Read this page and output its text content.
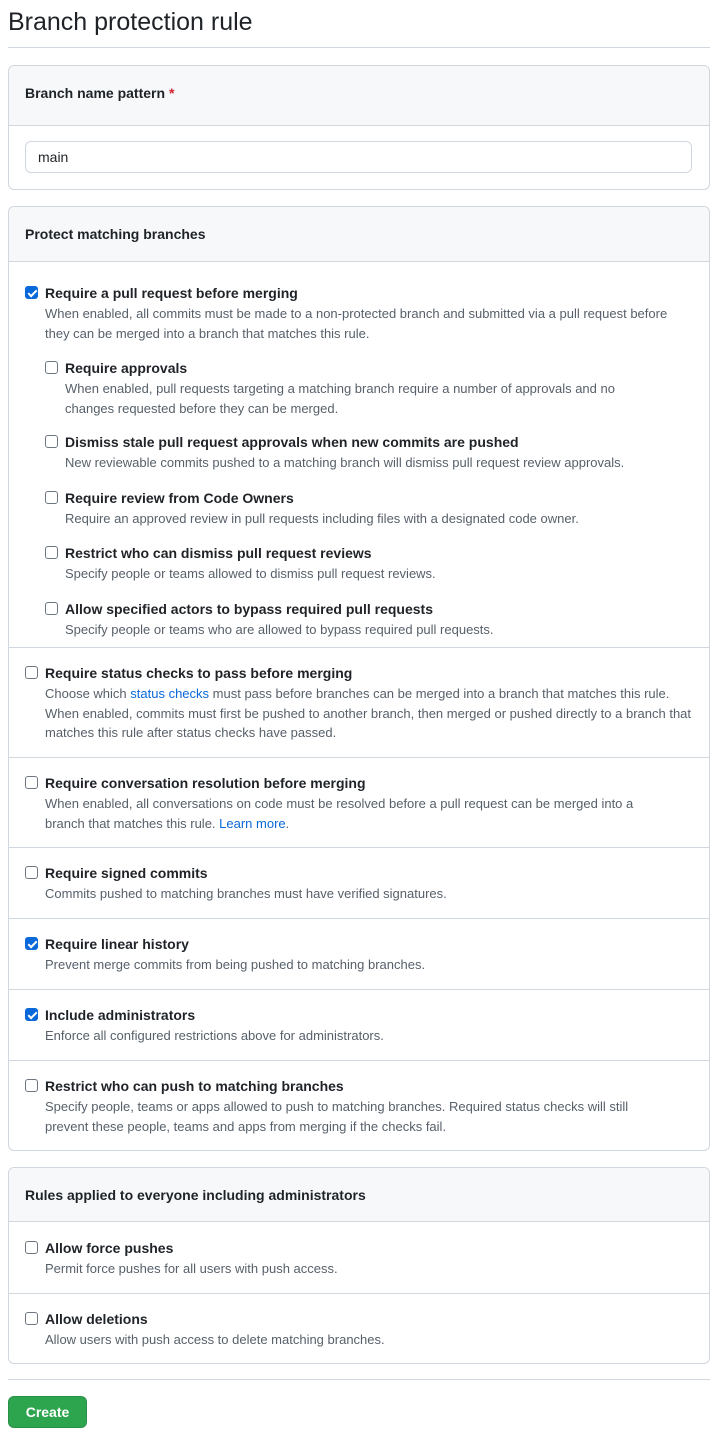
Branch protection rule
Branch name pattern *
main
Protect matching branches
Require a pull request before merging
When enabled, all commits must be made to a non-protected branch and submitted via a pull request before they can be merged into a branch that matches this rule.
Require approvals
When enabled, pull requests targeting a matching branch require a number of approvals and no changes requested before they can be merged.
Dismiss stale pull request approvals when new commits are pushed
New reviewable commits pushed to a matching branch will dismiss pull request review approvals.
Require review from Code Owners
Require an approved review in pull requests including files with a designated code owner.
Restrict who can dismiss pull request reviews
Specify people or teams allowed to dismiss pull request reviews.
Allow specified actors to bypass required pull requests
Specify people or teams who are allowed to bypass required pull requests.
Require status checks to pass before merging
Choose which status checks must pass before branches can be merged into a branch that matches this rule. When enabled, commits must first be pushed to another branch, then merged or pushed directly to a branch that matches this rule after status checks have passed.
Require conversation resolution before merging
When enabled, all conversations on code must be resolved before a pull request can be merged into a branch that matches this rule. Learn more.
Require signed commits
Commits pushed to matching branches must have verified signatures.
Require linear history
Prevent merge commits from being pushed to matching branches.
Include administrators
Enforce all configured restrictions above for administrators.
Restrict who can push to matching branches
Specify people, teams or apps allowed to push to matching branches. Required status checks will still prevent these people, teams and apps from merging if the checks fail.
Rules applied to everyone including administrators
Allow force pushes
Permit force pushes for all users with push access.
Allow deletions
Allow users with push access to delete matching branches.
Create
